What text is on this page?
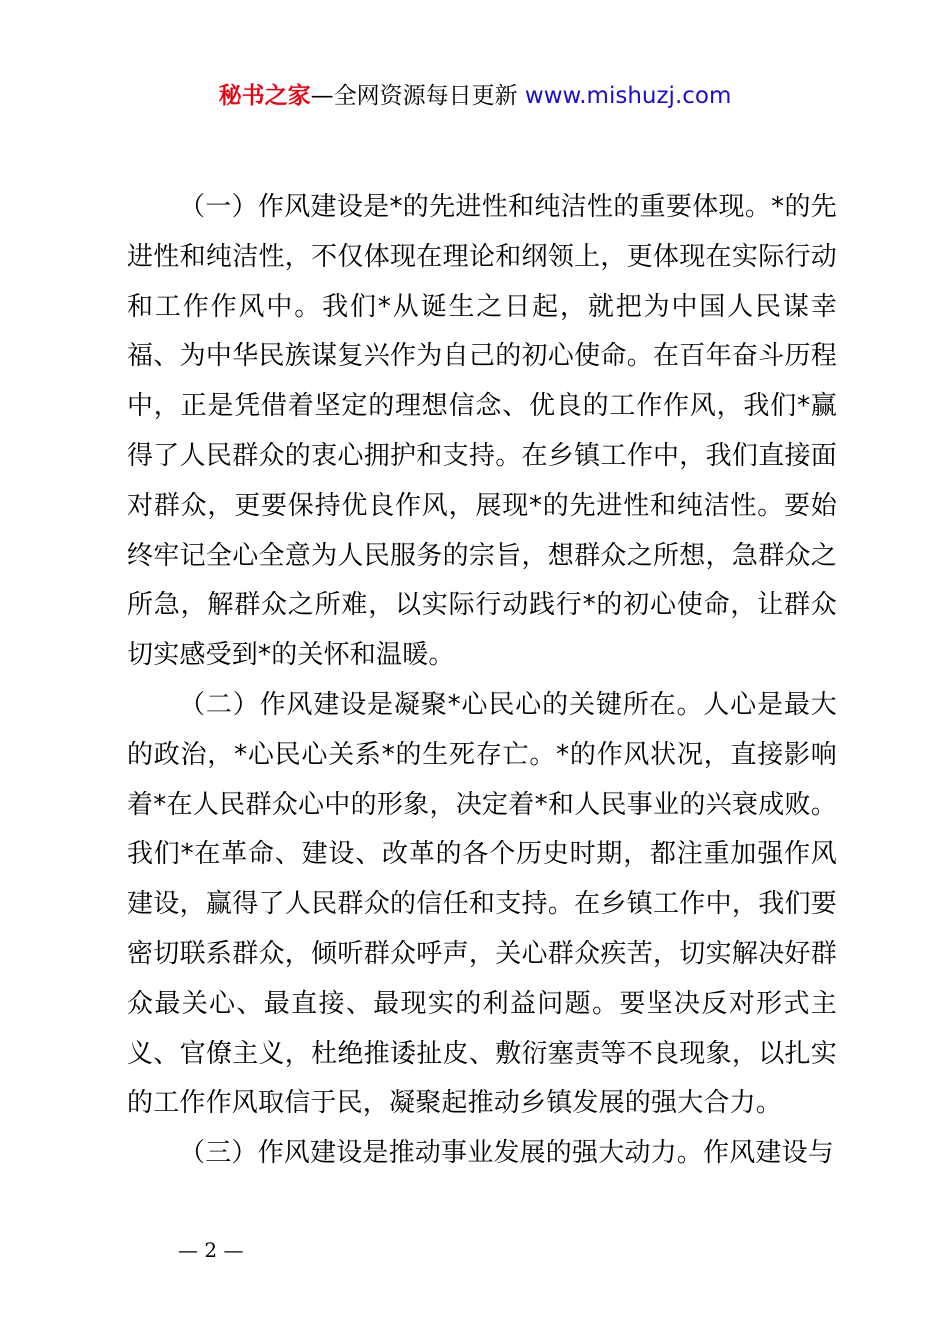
秘书之家—全网资源每日更新 www.mishuzj.com

（一）作风建设是*的先进性和纯洁性的重要体现。*的先进性和纯洁性，不仅体现在理论和纲领上，更体现在实际行动和工作作风中。我们*从诞生之日起，就把为中国人民谋幸福、为中华民族谋复兴作为自己的初心使命。在百年奋斗历程中，正是凭借着坚定的理想信念、优良的工作作风，我们*赢得了人民群众的衷心拥护和支持。在乡镇工作中，我们直接面对群众，更要保持优良作风，展现*的先进性和纯洁性。要始终牢记全心全意为人民服务的宗旨，想群众之所想，急群众之所急，解群众之所难，以实际行动践行*的初心使命，让群众切实感受到*的关怀和温暖。

（二）作风建设是凝聚*心民心的关键所在。人心是最大的政治，*心民心关系*的生死存亡。*的作风状况，直接影响着*在人民群众心中的形象，决定着*和人民事业的兴衰成败。我们*在革命、建设、改革的各个历史时期，都注重加强作风建设，赢得了人民群众的信任和支持。在乡镇工作中，我们要密切联系群众，倾听群众呼声，关心群众疾苦，切实解决好群众最关心、最直接、最现实的利益问题。要坚决反对形式主义、官僚主义，杜绝推诿扯皮、敷衍塞责等不良现象，以扎实的工作作风取信于民，凝聚起推动乡镇发展的强大合力。

（三）作风建设是推动事业发展的强大动力。作风建设与

— 2 —
